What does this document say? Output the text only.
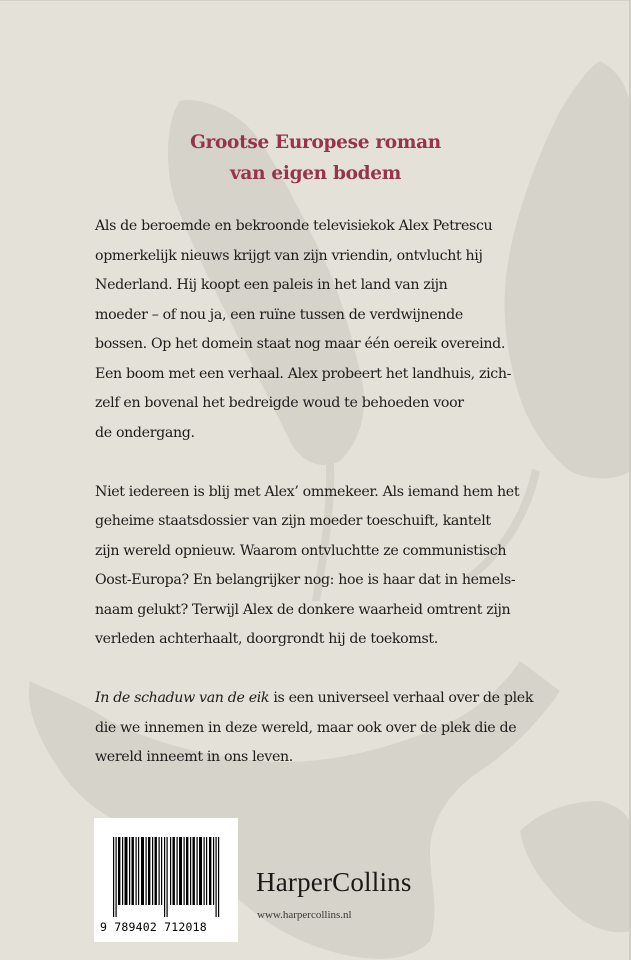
Grootse Europese roman
van eigen bodem

Als de beroemde en bekroonde televisiekok Alex Petrescu
opmerkelijk nieuws krijgt van zijn vriendin, ontvlucht hij
Nederland. Hij koopt een paleis in het land van zijn
moeder – of nou ja, een ruïne tussen de verdwijnende
bossen. Op het domein staat nog maar één oereik overeind.
Een boom met een verhaal. Alex probeert het landhuis, zich-
zelf en bovenal het bedreigde woud te behoeden voor
de ondergang.

Niet iedereen is blij met Alex’ ommekeer. Als iemand hem het
geheime staatsdossier van zijn moeder toeschuift, kantelt
zijn wereld opnieuw. Waarom ontvluchtte ze communistisch
Oost-Europa? En belangrijker nog: hoe is haar dat in hemels-
naam gelukt? Terwijl Alex de donkere waarheid omtrent zijn
verleden achterhaalt, doorgrondt hij de toekomst.

In de schaduw van de eik is een universeel verhaal over de plek
die we innemen in deze wereld, maar ook over de plek die de
wereld inneemt in ons leven.

9 789402 712018
HarperCollins
www.harpercollins.nl
